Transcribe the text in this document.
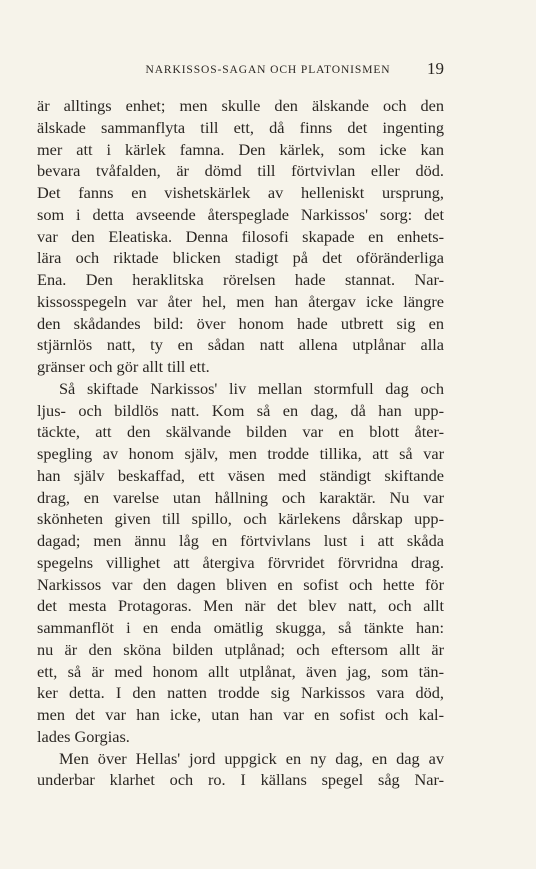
NARKISSOS-SAGAN OCH PLATONISMEN	19
är alltings enhet; men skulle den älskande och den
älskade sammanflyta till ett, då finns det ingenting
mer att i kärlek famna. Den kärlek, som icke kan
bevara tvåfalden, är dömd till förtvivlan eller död.
Det fanns en vishetskärlek av helleniskt ursprung,
som i detta avseende återspeglade Narkissos' sorg: det
var den Eleatiska. Denna filosofi skapade en enhets-
lära och riktade blicken stadigt på det oföränderliga
Ena. Den heraklitska rörelsen hade stannat. Nar-
kissosspegeln var åter hel, men han återgav icke längre
den skådandes bild: över honom hade utbrett sig en
stjärnlös natt, ty en sådan natt allena utplånar alla
gränser och gör allt till ett.
Så skiftade Narkissos' liv mellan stormfull dag och
ljus- och bildlös natt. Kom så en dag, då han upp-
täckte, att den skälvande bilden var en blott åter-
spegling av honom själv, men trodde tillika, att så var
han själv beskaffad, ett väsen med ständigt skiftande
drag, en varelse utan hållning och karaktär. Nu var
skönheten given till spillo, och kärlekens dårskap upp-
dagad; men ännu låg en förtvivlans lust i att skåda
spegelns villighet att återgiva förvridet förvridna drag.
Narkissos var den dagen bliven en sofist och hette för
det mesta Protagoras. Men när det blev natt, och allt
sammanflöt i en enda omätlig skugga, så tänkte han:
nu är den sköna bilden utplånad; och eftersom allt är
ett, så är med honom allt utplånat, även jag, som tän-
ker detta. I den natten trodde sig Narkissos vara död,
men det var han icke, utan han var en sofist och kal-
lades Gorgias.
Men över Hellas' jord uppgick en ny dag, en dag av
underbar klarhet och ro. I källans spegel såg Nar-
